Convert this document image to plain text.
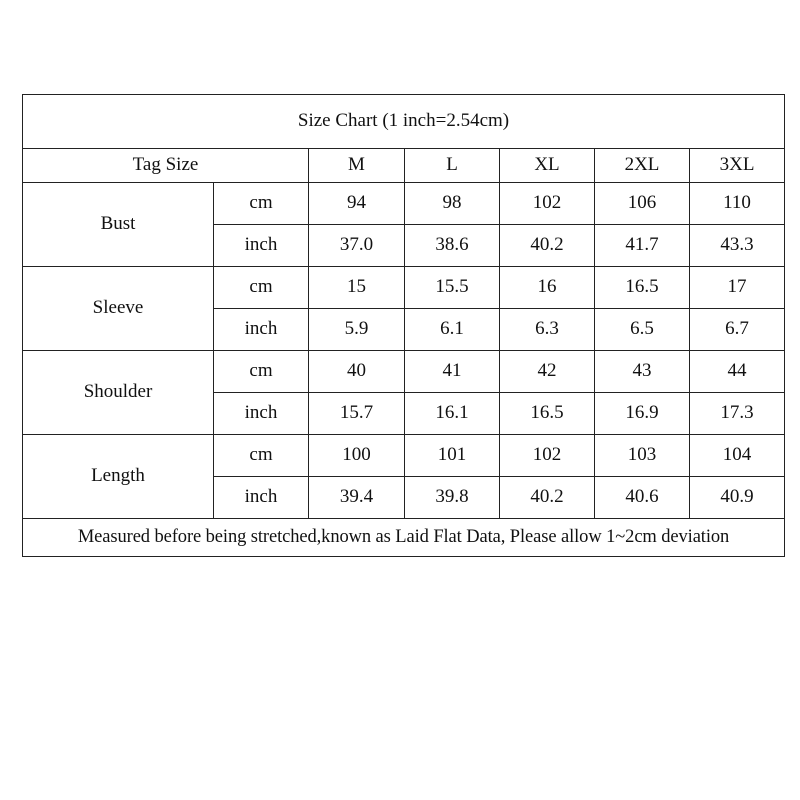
Size Chart (1 inch=2.54cm)						
Tag Size		M	L	XL	2XL	3XL
Bust	cm	94	98	102	106	110
	inch	37.0	38.6	40.2	41.7	43.3
Sleeve	cm	15	15.5	16	16.5	17
	inch	5.9	6.1	6.3	6.5	6.7
Shoulder	cm	40	41	42	43	44
	inch	15.7	16.1	16.5	16.9	17.3
Length	cm	100	101	102	103	104
	inch	39.4	39.8	40.2	40.6	40.9
Measured before being stretched,known as Laid Flat Data, Please allow 1~2cm deviation						
